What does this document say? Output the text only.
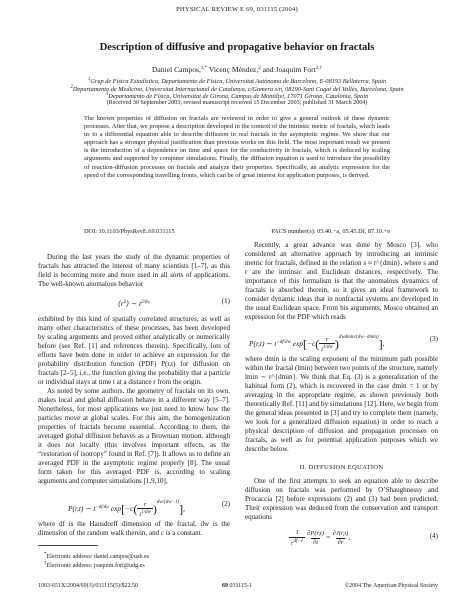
PHYSICAL REVIEW E 69, 031115 (2004)
Description of diffusive and propagative behavior on fractals
Daniel Campos,$^{1,*}$ Vicenç Méndez,$^2$ and Joaquim Fort$^{3,\dagger}$
$^1$Grup de Física Estadística, Departamento de Física, Universitat Autònoma de Barcelona, E-08193 Bellaterra, Spain
$^2$Departamento de Medicina, Universitat Internacional de Catalunya, c/Gomera s/n, 08190-Sant Cugat del Vallès, Barcelona, Spain
$^3$Departamento de Física, Universitat de Girona, Campus de Montilivi, 17071 Girona, Catalonia, Spain
(Received 30 September 2003; revised manuscript received 15 December 2003; published 31 March 2004)
The known properties of diffusion on fractals are reviewed in order to give a general outlook of these dynamic processes. After that, we propose a description developed in the context of the intrinsic metric of fractals, which leads us to a differential equation able to describe diffusion in real fractals in the asymptotic regime. We show that our approach has a stronger physical justification than previous works on this field. The most important result we present is the introduction of a dependence on time and space for the conductivity in fractals, which is deduced by scaling arguments and supported by computer simulations. Finally, the diffusion equation is used to introduce the possibility of reaction-diffusion processes on fractals and analyze their properties. Specifically, an analytic expression for the speed of the corresponding travelling fronts, which can be of great interest for application purposes, is derived.
DOI: 10.1103/PhysRevE.69.031115	PACS number(s): 05.40.−a, 05.45.Df, 87.10.+e

During the last years the study of the dynamic properties of fractals has attracted the interest of many scientists [1–7], as this field is becoming more and more used in all sorts of applications. The well-known anomalous behavior

$⟨r^2⟩$ ∼ $t^{2/dw}$	(1)

exhibited by this kind of spatially correlated structures, as well as many other characteristics of these processes, has been developed by scaling arguments and proved either analytically or numerically before (see Ref. [1] and references therein). Specifically, lots of efforts have been done in order to achieve an expression for the probability distribution function (PDF) P(r,t) for diffusion on fractals [2–5], i.e., the function giving the probability that a particle or individual stays at time t at a distance r from the origin.

As noted by some authors, the geometry of fractals on its own, makes local and global diffusion behave in a different way [5–7]. Nonetheless, for most applications we just need to know how the particles move at global scales. For this aim, the homogenization properties of fractals become essential. According to them, the averaged global diffusion behaves as a Brownian motion, although it does not locally (this involves important effects, as the “restoration of isotropy” found in Ref. [7]). It allows us to define an averaged PDF in the asymptotic regime properly [8]. The usual form taken for this averaged PDF is, according to scaling arguments and computer simulations [1,9,10],

P(r,t) ∼ $t^{-df/dw}$ $\exp[-c(\frac{r}{t^{1/dw}})^{dw/(dw-1)}]$,	(2)

where df is the Hausdorff dimension of the fractal, dw is the dimension of the random walk therein, and c is a constant.

Recently, a great advance was done by Mosco [3], who considered an alternative approach by introducing an intrinsic metric for fractals, defined in the relation s ≈ r^{dmin}, where s and r are the intrinsic and Euclidean distances, respectively. The importance of this formalism is that the anomalous dynamics of fractals is absorbed therein, so it gives an ideal framework to consider dynamic ideas that in nonfractal systems are developed in the usual Euclidean space. From his arguments, Mosco obtained an expression for the PDF which reads

P(r,t) ∼ $t^{-df/dw}$ $\exp[-c(\frac{r}{t^{1/dw}})^{dwdmin/(dw-dmin)}]$,	(3)

where dmin is the scaling exponent of the minimum path possible within the fractal (lmin) between two points of the structure, namely lmin ∼ r^{dmin}. We think that Eq. (3) is a generalization of the habitual form (2), which is recovered in the case dmin = 1 or by averaging in the appropriate regime, as shown previously both theoretically Ref. [11] and by simulations [12]. Here, we begin from the general ideas presented in [3] and try to complete them (namely, we look for a generalized diffusion equation) in order to reach a physical description of diffusion and propagation processes on fractals, as well as for potential application purposes which we describe below.

II. DIFFUSION EQUATION

One of the first attempts to seek an equation able to describe diffusion on fractals was performed by O’Shaughnessy and Procaccia [2] before expressions (2) and (3) had been predicted. Their expression was deduced from the conservation and transport equations

1
$r^{df-1}$ ∂P(r,t)
∂t = ∂J(r,t)
∂r,	(4)
*Electronic address: daniel.campos@uab.es
†Electronic address: joaquim.fort@udg.es
1063-651X/2004/69(3)/031115(5)/$22.50	69 031115-1	©2004 The American Physical Society
